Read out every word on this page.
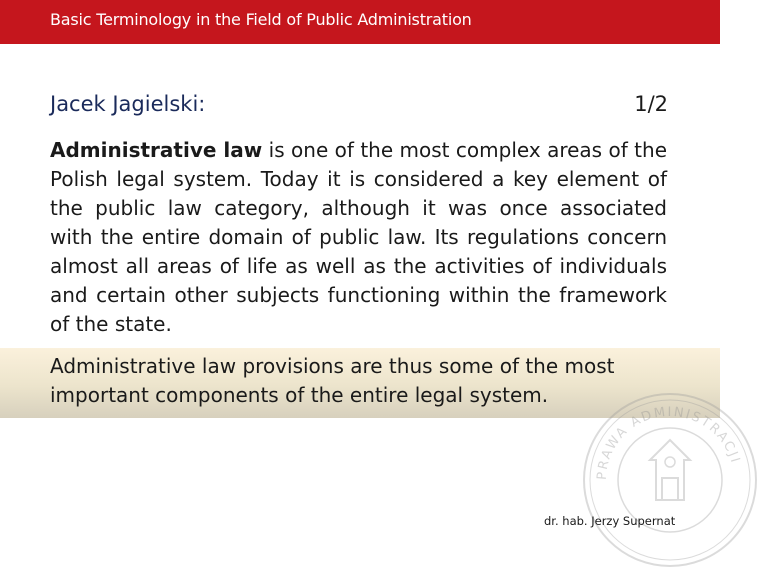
Basic Terminology in the Field of Public Administration
Jacek Jagielski:	1/2

Administrative law is one of the most complex areas of the Polish legal system. Today it is considered a key element of the public law category, although it was once associated with the entire domain of public law. Its regulations concern almost all areas of life as well as the activities of individuals and certain other subjects functioning within the framework of the state.

Administrative law provisions are thus some of the most important components of the entire legal system.

PRAWA ADMINISTRACJI
dr. hab. Jerzy Supernat
